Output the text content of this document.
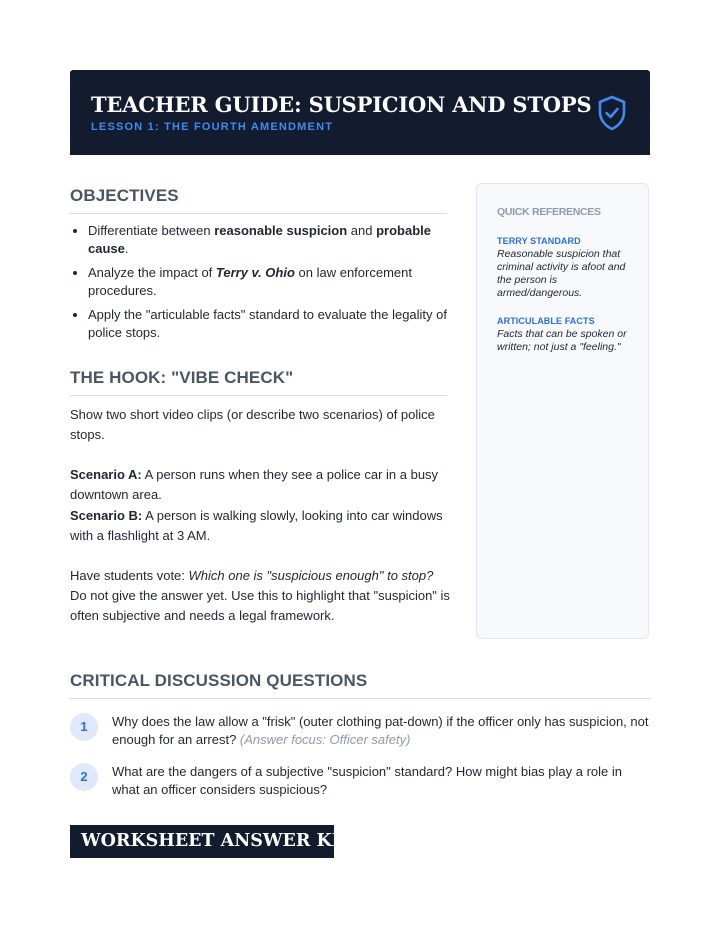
TEACHER GUIDE: SUSPICION AND STOPS
LESSON 1: THE FOURTH AMENDMENT
OBJECTIVES
• Differentiate between reasonable suspicion and probable cause.
• Analyze the impact of Terry v. Ohio on law enforcement procedures.
• Apply the "articulable facts" standard to evaluate the legality of police stops.
THE HOOK: "VIBE CHECK"
Show two short video clips (or describe two scenarios) of police stops.
Scenario A: A person runs when they see a police car in a busy downtown area.
Scenario B: A person is walking slowly, looking into car windows with a flashlight at 3 AM.
Have students vote: Which one is "suspicious enough" to stop? Do not give the answer yet. Use this to highlight that "suspicion" is often subjective and needs a legal framework.
QUICK REFERENCES
TERRY STANDARD
Reasonable suspicion that criminal activity is afoot and the person is armed/dangerous.
ARTICULABLE FACTS
Facts that can be spoken or written; not just a "feeling."
CRITICAL DISCUSSION QUESTIONS
1	Why does the law allow a "frisk" (outer clothing pat-down) if the officer only has suspicion, not enough for an arrest? (Answer focus: Officer safety)
2	What are the dangers of a subjective "suspicion" standard? How might bias play a role in what an officer considers suspicious?
WORKSHEET ANSWER KEY
